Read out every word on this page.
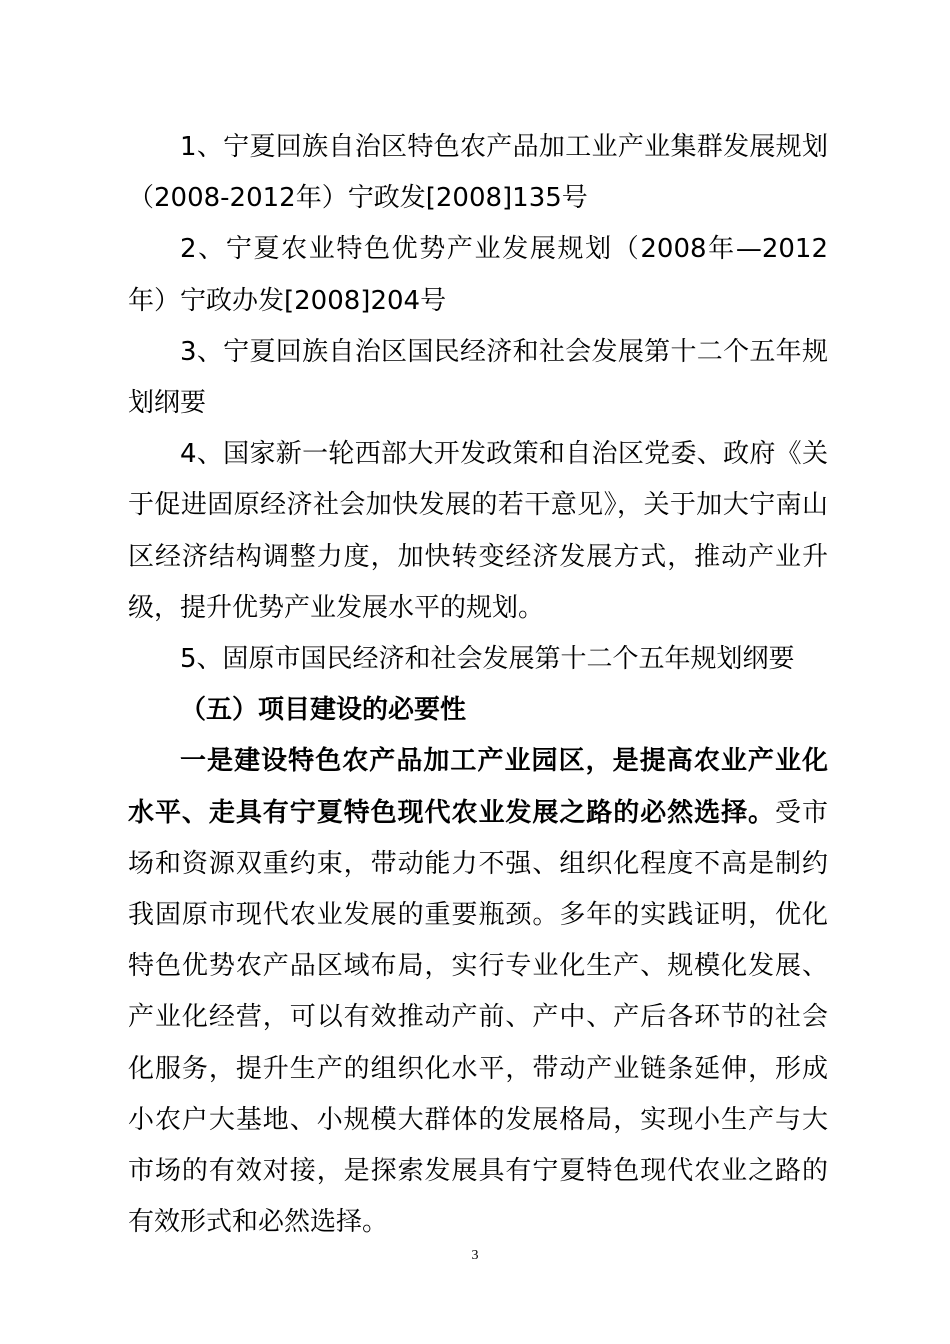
1、宁夏回族自治区特色农产品加工业产业集群发展规划（2008-2012年）宁政发[2008]135号

2、宁夏农业特色优势产业发展规划（2008年—2012年）宁政办发[2008]204号

3、宁夏回族自治区国民经济和社会发展第十二个五年规划纲要

4、国家新一轮西部大开发政策和自治区党委、政府《关于促进固原经济社会加快发展的若干意见》，关于加大宁南山区经济结构调整力度，加快转变经济发展方式，推动产业升级，提升优势产业发展水平的规划。

5、固原市国民经济和社会发展第十二个五年规划纲要

（五）项目建设的必要性

一是建设特色农产品加工产业园区，是提高农业产业化水平、走具有宁夏特色现代农业发展之路的必然选择。受市场和资源双重约束，带动能力不强、组织化程度不高是制约我固原市现代农业发展的重要瓶颈。多年的实践证明，优化特色优势农产品区域布局，实行专业化生产、规模化发展、产业化经营，可以有效推动产前、产中、产后各环节的社会化服务，提升生产的组织化水平，带动产业链条延伸，形成小农户大基地、小规模大群体的发展格局，实现小生产与大市场的有效对接，是探索发展具有宁夏特色现代农业之路的有效形式和必然选择。

3
